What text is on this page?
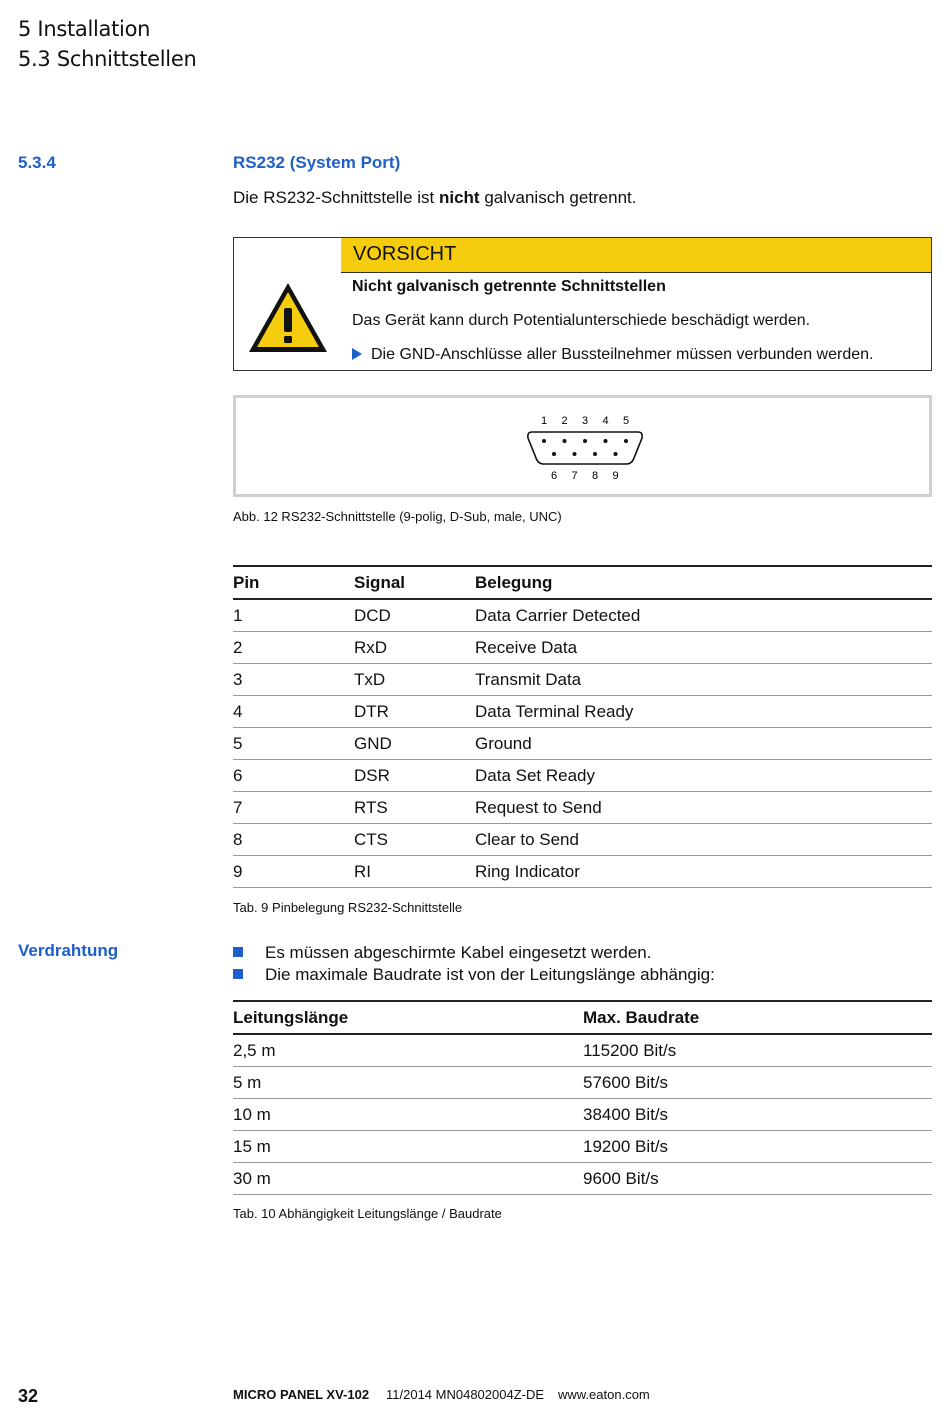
5 Installation
5.3 Schnittstellen
5.3.4	RS232 (System Port)
Die RS232-Schnittstelle ist nicht galvanisch getrennt.
VORSICHT
Nicht galvanisch getrennte Schnittstellen
Das Gerät kann durch Potentialunterschiede beschädigt werden.
Die GND-Anschlüsse aller Bussteilnehmer müssen verbunden werden.
1 2 3 4 5
6 7 8 9
Abb. 12 RS232-Schnittstelle (9-polig, D-Sub, male, UNC)
Pin	Signal	Belegung
1	DCD	Data Carrier Detected
2	RxD	Receive Data
3	TxD	Transmit Data
4	DTR	Data Terminal Ready
5	GND	Ground
6	DSR	Data Set Ready
7	RTS	Request to Send
8	CTS	Clear to Send
9	RI	Ring Indicator
Tab. 9 Pinbelegung RS232-Schnittstelle
Verdrahtung	Es müssen abgeschirmte Kabel eingesetzt werden.
Die maximale Baudrate ist von der Leitungslänge abhängig:
Leitungslänge	Max. Baudrate
2,5 m	115200 Bit/s
5 m	57600 Bit/s
10 m	38400 Bit/s
15 m	19200 Bit/s
30 m	9600 Bit/s
Tab. 10 Abhängigkeit Leitungslänge / Baudrate
32	MICRO PANEL XV-102 11/2014 MN04802004Z-DE www.eaton.com
